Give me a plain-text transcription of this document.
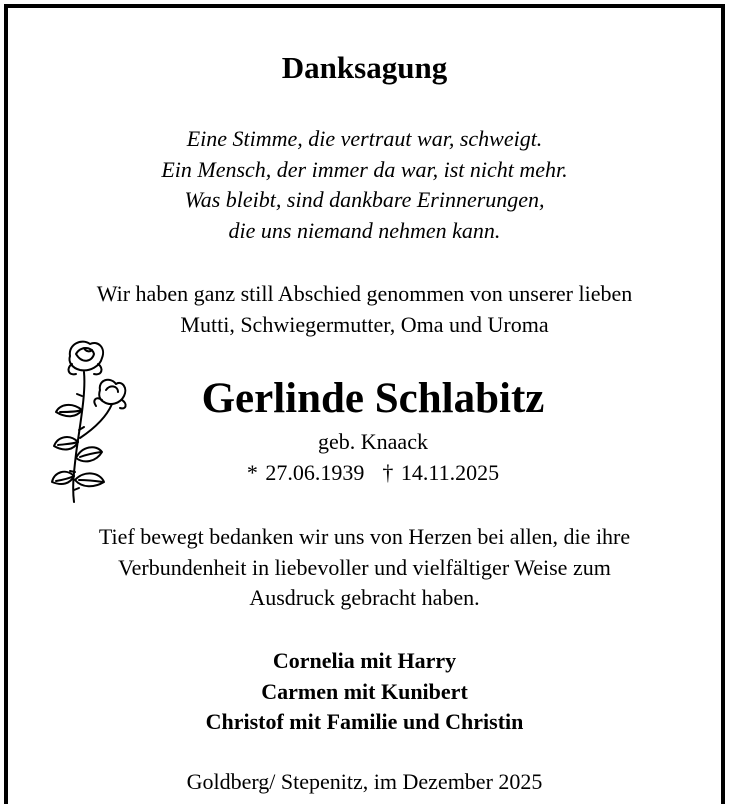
Danksagung
Eine Stimme, die vertraut war, schweigt.
Ein Mensch, der immer da war, ist nicht mehr.
Was bleibt, sind dankbare Erinnerungen,
die uns niemand nehmen kann.
Wir haben ganz still Abschied genommen von unserer lieben
Mutti, Schwiegermutter, Oma und Uroma
Gerlinde Schlabitz
geb. Knaack
* 27.06.1939 † 14.11.2025
Tief bewegt bedanken wir uns von Herzen bei allen, die ihre
Verbundenheit in liebevoller und vielfältiger Weise zum
Ausdruck gebracht haben.
Cornelia mit Harry
Carmen mit Kunibert
Christof mit Familie und Christin
Goldberg/ Stepenitz, im Dezember 2025
